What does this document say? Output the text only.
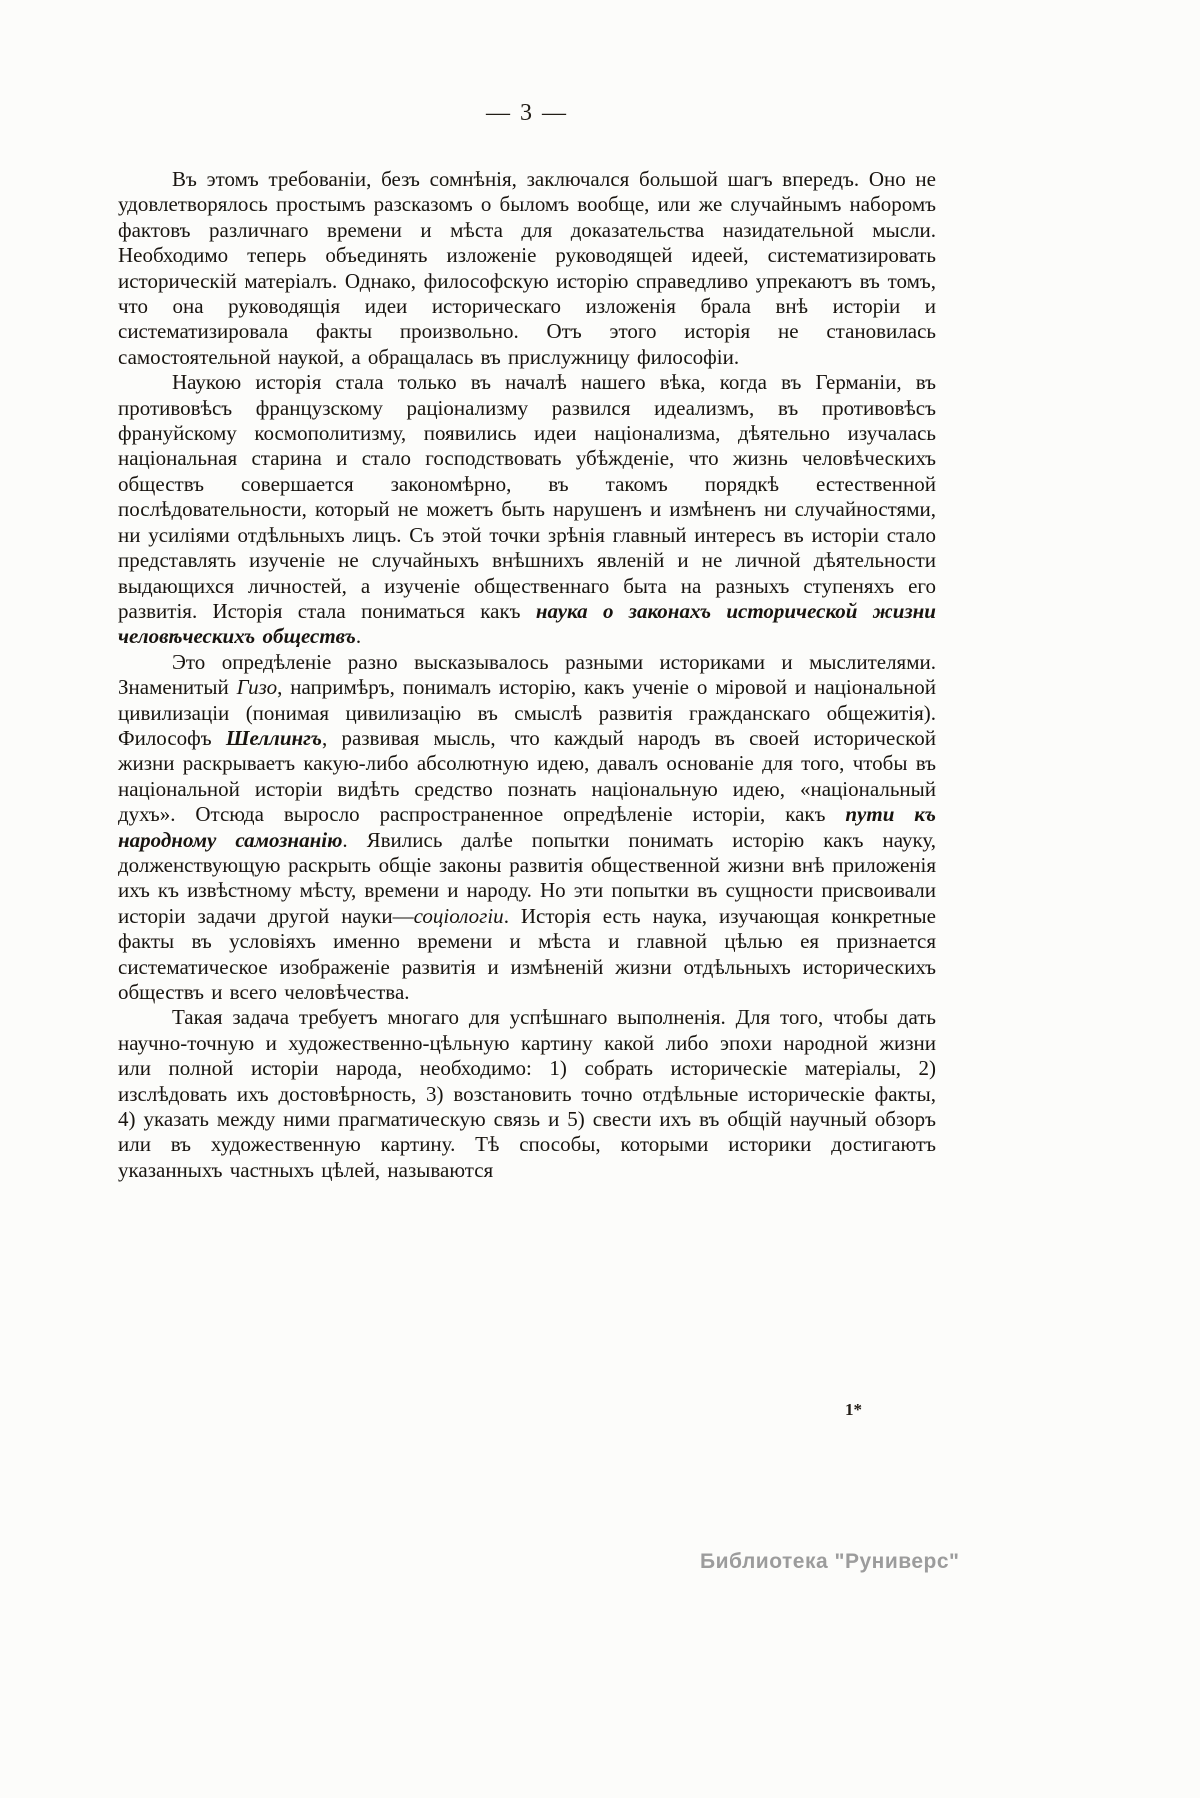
— 3 —

Въ этомъ требованіи, безъ сомнѣнія, заключался большой шагъ впередъ. Оно не удовлетворялось простымъ разсказомъ о быломъ вообще, или же случайнымъ наборомъ фактовъ различнаго времени и мѣста для доказательства назидательной мысли. Необходимо теперь объединять изложеніе руководящей идеей, систематизировать историческій матеріалъ. Однако, философскую исторію справедливо упрекаютъ въ томъ, что она руководящія идеи историческаго изложенія брала внѣ исторіи и систематизировала факты произвольно. Отъ этого исторія не становилась самостоятельной наукой, а обращалась въ прислужницу философіи.

Наукою исторія стала только въ началѣ нашего вѣка, когда въ Германіи, въ противовѣсъ французскому раціонализму развился идеализмъ, въ противовѣсъ франуйскому космополитизму, появились идеи націонализма, дѣятельно изучалась національная старина и стало господствовать убѣжденіе, что жизнь человѣческихъ обществъ совершается закономѣрно, въ такомъ порядкѣ естественной послѣдовательности, который не можетъ быть нарушенъ и измѣненъ ни случайностями, ни усиліями отдѣльныхъ лицъ. Съ этой точки зрѣнія главный интересъ въ исторіи стало представлять изученіе не случайныхъ внѣшнихъ явленій и не личной дѣятельности выдающихся личностей, а изученіе общественнаго быта на разныхъ ступеняхъ его развитія. Исторія стала пониматься какъ наука о законахъ исторической жизни человѣческихъ обществъ.

Это опредѣленіе разно высказывалось разными историками и мыслителями. Знаменитый Гизо, напримѣръ, понималъ исторію, какъ ученіе о міровой и національной цивилизаціи (понимая цивилизацію въ смыслѣ развитія гражданскаго общежитія). Философъ Шеллингъ, развивая мысль, что каждый народъ въ своей исторической жизни раскрываетъ какую-либо абсолютную идею, давалъ основаніе для того, чтобы въ національной исторіи видѣть средство познать національную идею, «національный духъ». Отсюда выросло распространенное опредѣленіе исторіи, какъ пути къ народному самознанію. Явились далѣе попытки понимать исторію какъ науку, долженствующую раскрыть общіе законы развитія общественной жизни внѣ приложенія ихъ къ извѣстному мѣсту, времени и народу. Но эти попытки въ сущности присвоивали исторіи задачи другой науки—соціологіи. Исторія есть наука, изучающая конкретные факты въ условіяхъ именно времени и мѣста и главной цѣлью ея признается систематическое изображеніе развитія и измѣненій жизни отдѣльныхъ историческихъ обществъ и всего человѣчества.

Такая задача требуетъ многаго для успѣшнаго выполненія. Для того, чтобы дать научно-точную и художественно-цѣльную картину какой либо эпохи народной жизни или полной исторіи народа, необходимо: 1) собрать историческіе матеріалы, 2) изслѣдовать ихъ достовѣрность, 3) возстановить точно отдѣльные историческіе факты, 4) указать между ними прагматическую связь и 5) свести ихъ въ общій научный обзоръ или въ художественную картину. Тѣ способы, которыми историки достигаютъ указанныхъ частныхъ цѣлей, называются

1*
Библиотека "Руниверс"
